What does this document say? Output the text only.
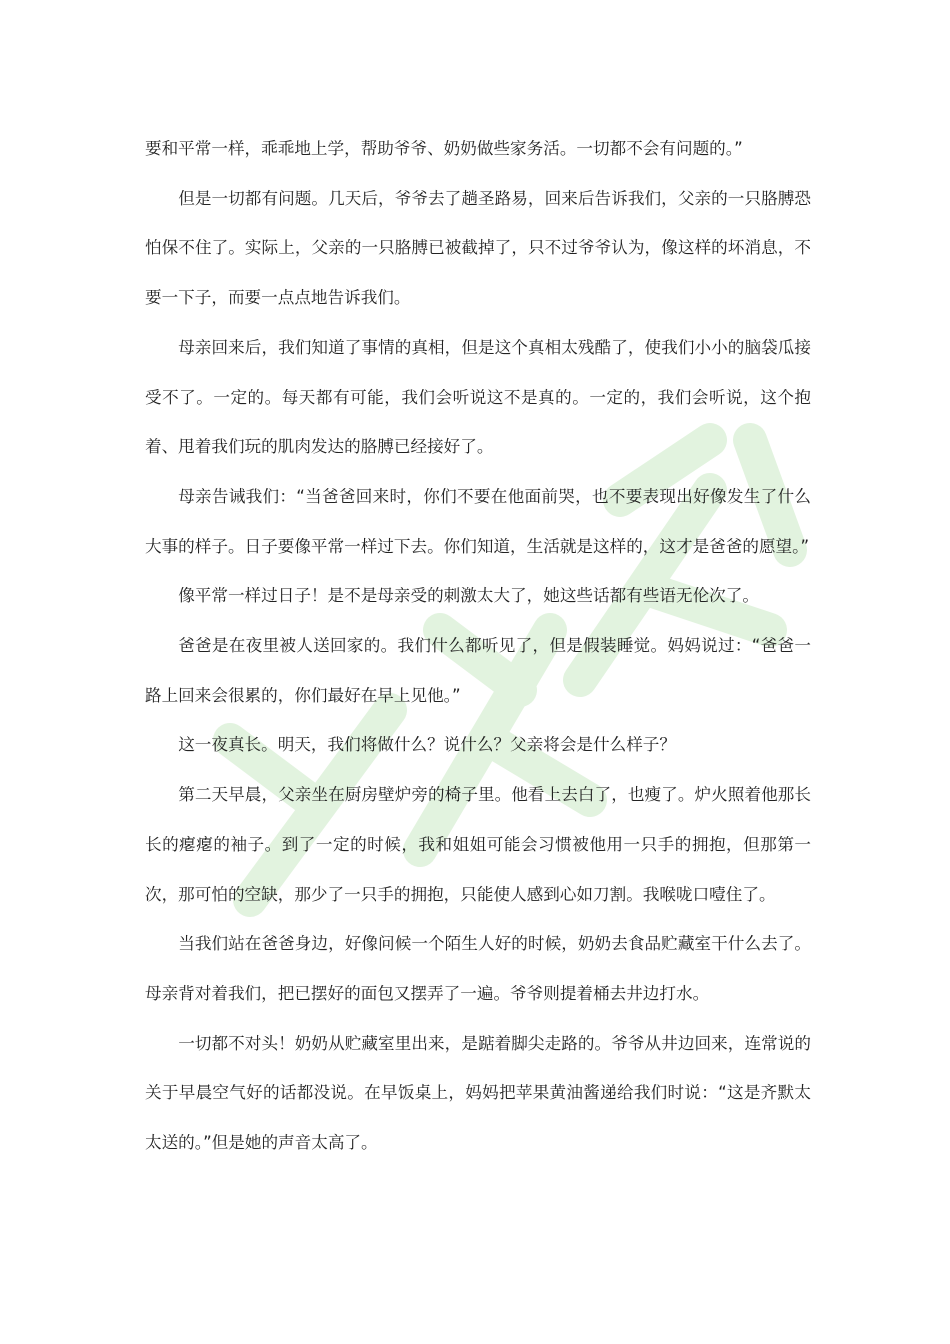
要和平常一样，乖乖地上学，帮助爷爷、奶奶做些家务活。一切都不会有问题的。”

但是一切都有问题。几天后，爷爷去了趟圣路易，回来后告诉我们，父亲的一只胳膊恐怕保不住了。实际上，父亲的一只胳膊已被截掉了，只不过爷爷认为，像这样的坏消息，不要一下子，而要一点点地告诉我们。

母亲回来后，我们知道了事情的真相，但是这个真相太残酷了，使我们小小的脑袋瓜接受不了。一定的。每天都有可能，我们会听说这不是真的。一定的，我们会听说，这个抱着、甩着我们玩的肌肉发达的胳膊已经接好了。

母亲告诫我们：“当爸爸回来时，你们不要在他面前哭，也不要表现出好像发生了什么大事的样子。日子要像平常一样过下去。你们知道，生活就是这样的，这才是爸爸的愿望。”

像平常一样过日子！是不是母亲受的刺激太大了，她这些话都有些语无伦次了。

爸爸是在夜里被人送回家的。我们什么都听见了，但是假装睡觉。妈妈说过：“爸爸一路上回来会很累的，你们最好在早上见他。”

这一夜真长。明天，我们将做什么？说什么？父亲将会是什么样子？

第二天早晨，父亲坐在厨房壁炉旁的椅子里。他看上去白了，也瘦了。炉火照着他那长长的瘪瘪的袖子。到了一定的时候，我和姐姐可能会习惯被他用一只手的拥抱，但那第一次，那可怕的空缺，那少了一只手的拥抱，只能使人感到心如刀割。我喉咙口噎住了。

当我们站在爸爸身边，好像问候一个陌生人好的时候，奶奶去食品贮藏室干什么去了。母亲背对着我们，把已摆好的面包又摆弄了一遍。爷爷则提着桶去井边打水。

一切都不对头！奶奶从贮藏室里出来，是踮着脚尖走路的。爷爷从井边回来，连常说的关于早晨空气好的话都没说。在早饭桌上，妈妈把苹果黄油酱递给我们时说：“这是齐默太太送的。”但是她的声音太高了。
